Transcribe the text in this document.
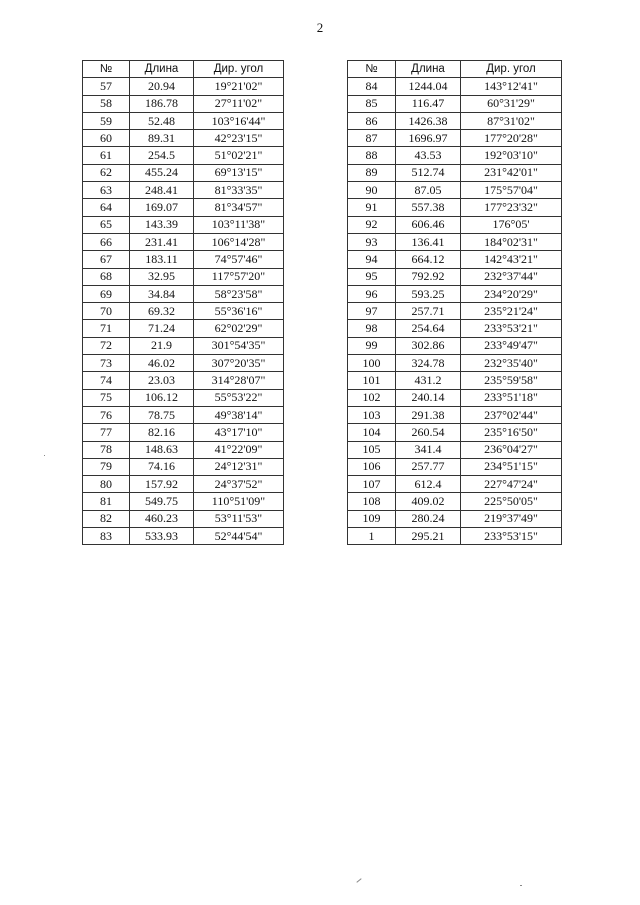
2
№	Длина	Дир. угол
57	20.94	19°21'02"
58	186.78	27°11'02"
59	52.48	103°16'44"
60	89.31	42°23'15"
61	254.5	51°02'21"
62	455.24	69°13'15"
63	248.41	81°33'35"
64	169.07	81°34'57"
65	143.39	103°11'38"
66	231.41	106°14'28"
67	183.11	74°57'46"
68	32.95	117°57'20"
69	34.84	58°23'58"
70	69.32	55°36'16"
71	71.24	62°02'29"
72	21.9	301°54'35"
73	46.02	307°20'35"
74	23.03	314°28'07"
75	106.12	55°53'22"
76	78.75	49°38'14"
77	82.16	43°17'10"
78	148.63	41°22'09"
79	74.16	24°12'31"
80	157.92	24°37'52"
81	549.75	110°51'09"
82	460.23	53°11'53"
83	533.93	52°44'54"
№	Длина	Дир. угол
84	1244.04	143°12'41"
85	116.47	60°31'29"
86	1426.38	87°31'02"
87	1696.97	177°20'28"
88	43.53	192°03'10"
89	512.74	231°42'01"
90	87.05	175°57'04"
91	557.38	177°23'32"
92	606.46	176°05'
93	136.41	184°02'31"
94	664.12	142°43'21"
95	792.92	232°37'44"
96	593.25	234°20'29"
97	257.71	235°21'24"
98	254.64	233°53'21"
99	302.86	233°49'47"
100	324.78	232°35'40"
101	431.2	235°59'58"
102	240.14	233°51'18"
103	291.38	237°02'44"
104	260.54	235°16'50"
105	341.4	236°04'27"
106	257.77	234°51'15"
107	612.4	227°47'24"
108	409.02	225°50'05"
109	280.24	219°37'49"
1	295.21	233°53'15"
